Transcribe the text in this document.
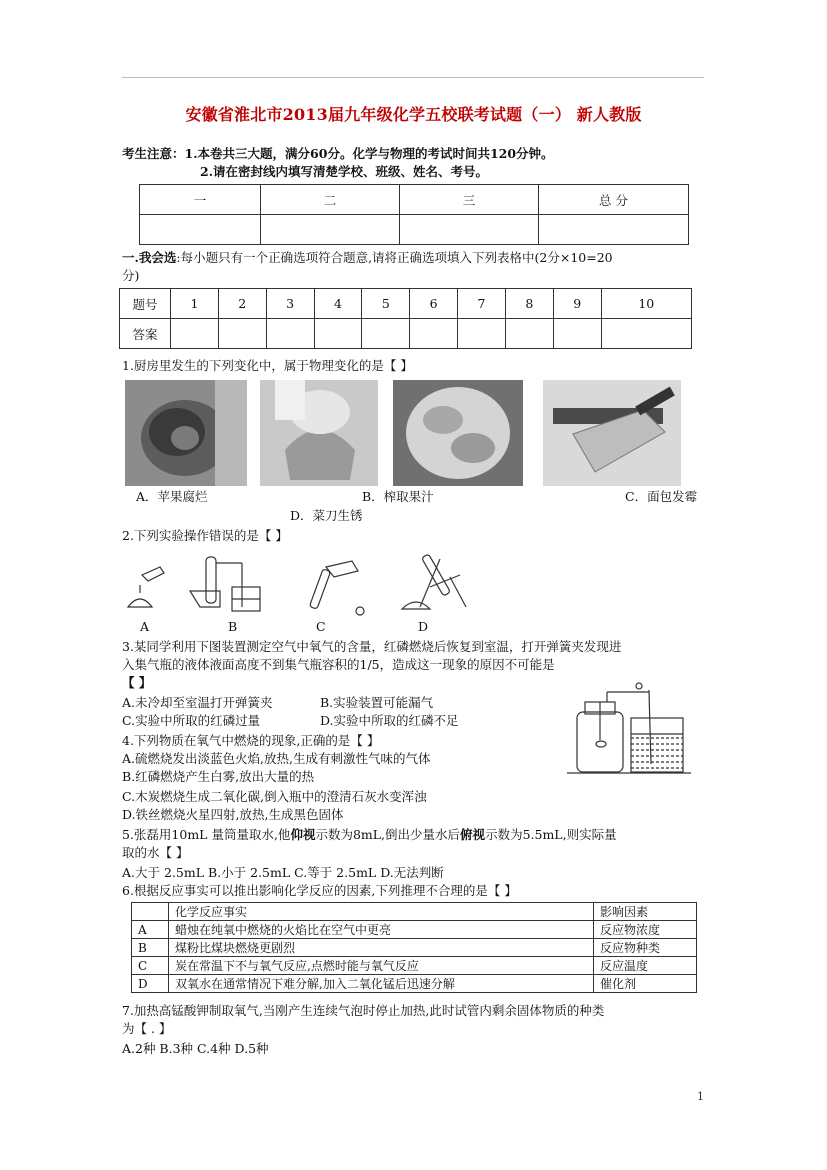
安徽省淮北市2013届九年级化学五校联考试题（一） 新人教版
考生注意：1.本卷共三大题，满分60分。化学与物理的考试时间共120分钟。
2.请在密封线内填写清楚学校、班级、姓名、考号。
一	二	三	总 分

一.我会选:每小题只有一个正确选项符合题意,请将正确选项填入下列表格中(2分×10=20
分)
题号	1	2	3	4	5	6	7	8	9	10
答案										
1.厨房里发生的下列变化中，属于物理变化的是【 】
A．苹果腐烂	B．榨取果汁	C．面包发霉
D．菜刀生锈
2.下列实验操作错误的是【 】
A	B	C	D
3.某同学利用下图装置测定空气中氧气的含量，红磷燃烧后恢复到室温，打开弹簧夹发现进
入集气瓶的液体液面高度不到集气瓶容积的1/5，造成这一现象的原因不可能是
【 】
A.未冷却至室温打开弹簧夹	B.实验装置可能漏气
C.实验中所取的红磷过量	D.实验中所取的红磷不足
4.下列物质在氧气中燃烧的现象,正确的是【 】
A.硫燃烧发出淡蓝色火焰,放热,生成有刺激性气味的气体
B.红磷燃烧产生白雾,放出大量的热
C.木炭燃烧生成二氧化碳,倒入瓶中的澄清石灰水变浑浊
D.铁丝燃烧火星四射,放热,生成黑色固体
5.张磊用10mL 量筒量取水,他仰视示数为8mL,倒出少量水后俯视示数为5.5mL,则实际量
取的水【 】
A.大于 2.5mL B.小于 2.5mL C.等于 2.5mL D.无法判断
6.根据反应事实可以推出影响化学反应的因素,下列推理不合理的是【 】
	化学反应事实	影响因素
A	蜡烛在纯氧中燃烧的火焰比在空气中更亮	反应物浓度
B	煤粉比煤块燃烧更剧烈	反应物种类
C	炭在常温下不与氧气反应,点燃时能与氧气反应	反应温度
D	双氧水在通常情况下难分解,加入二氧化锰后迅速分解	催化剂
7.加热高锰酸钾制取氧气,当刚产生连续气泡时停止加热,此时试管内剩余固体物质的种类
为【 . 】
A.2种 B.3种 C.4种 D.5种
1
